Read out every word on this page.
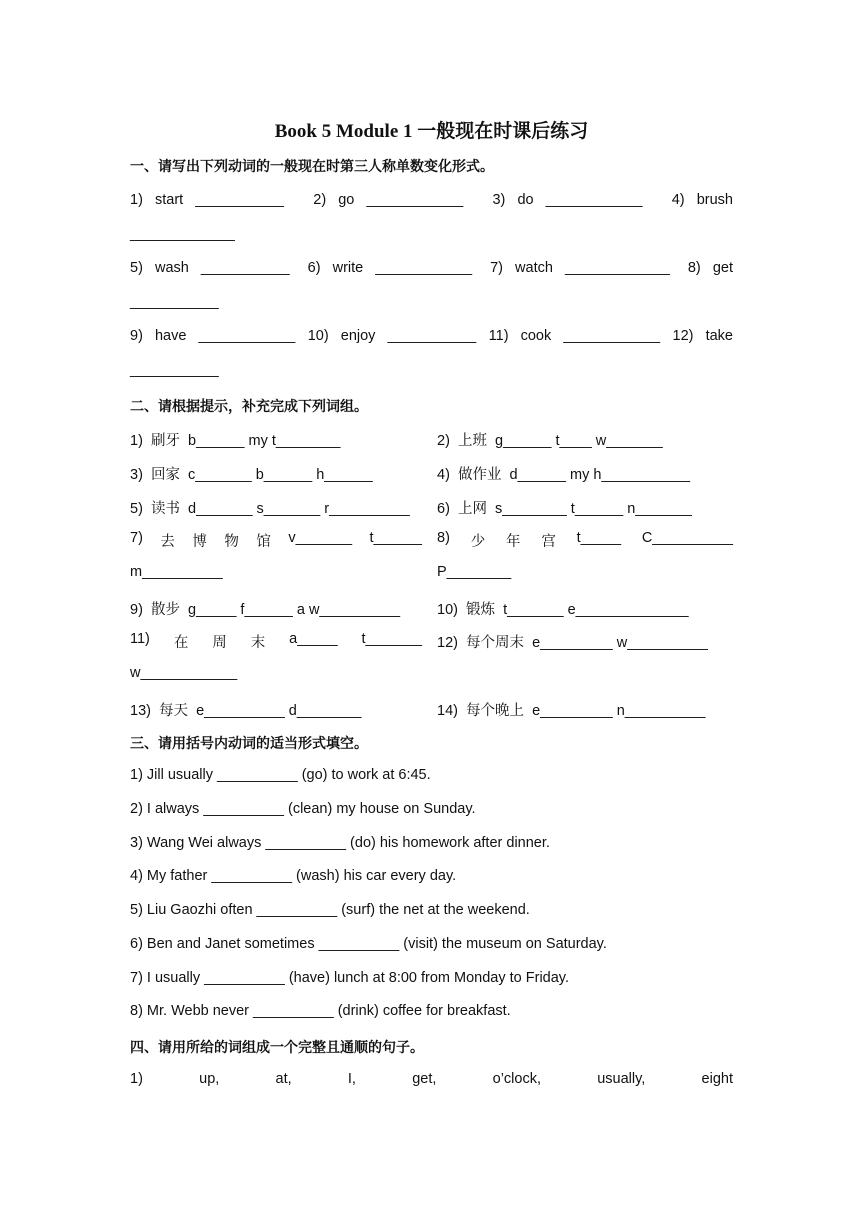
Book 5 Module 1 一般现在时课后练习
一、请写出下列动词的一般现在时第三人称单数变化形式。
1)   start   ___________ 2)   go   ____________ 3)   do   ____________ 4)   brush
_____________
5)   wash   ___________ 6)   write   ____________ 7)   watch   _____________ 8)   get
___________
9)   have   ____________ 10)   enjoy   ___________ 11)   cook   ____________ 12)   take
___________
二、请根据提示，补充完成下列词组。
1)  刷牙  b______ my t________	2)  上班  g______ t____ w_______
3)  回家  c_______ b______ h______	4)  做作业  d______ my h___________
5)  读书  d_______ s_______ r__________ 6)  上网  s________ t______ n_______
7) 去 博 物 馆 v_______ t______ 8) 少 年 宫 t_____ C__________
m__________	P________
9)  散步  g_____ f______ a w__________	10)  锻炼  t_______ e______________
11) 在 周 末 a_____ t_______ 12)  每个周末  e_________ w__________
w____________
13)  每天  e__________ d________	14)  每个晚上  e_________ n__________
三、请用括号内动词的适当形式填空。
1) Jill usually __________ (go) to work at 6:45.
2) I always __________ (clean) my house on Sunday.
3) Wang Wei always __________ (do) his homework after dinner.
4) My father __________ (wash) his car every day.
5) Liu Gaozhi often __________ (surf) the net at the weekend.
6) Ben and Janet sometimes __________ (visit) the museum on Saturday.
7) I usually __________ (have) lunch at 8:00 from Monday to Friday.
8) Mr. Webb never __________ (drink) coffee for breakfast.
四、请用所给的词组成一个完整且通顺的句子。
1)	up,	at,	I,	get,	o’clock,	usually,	eight
